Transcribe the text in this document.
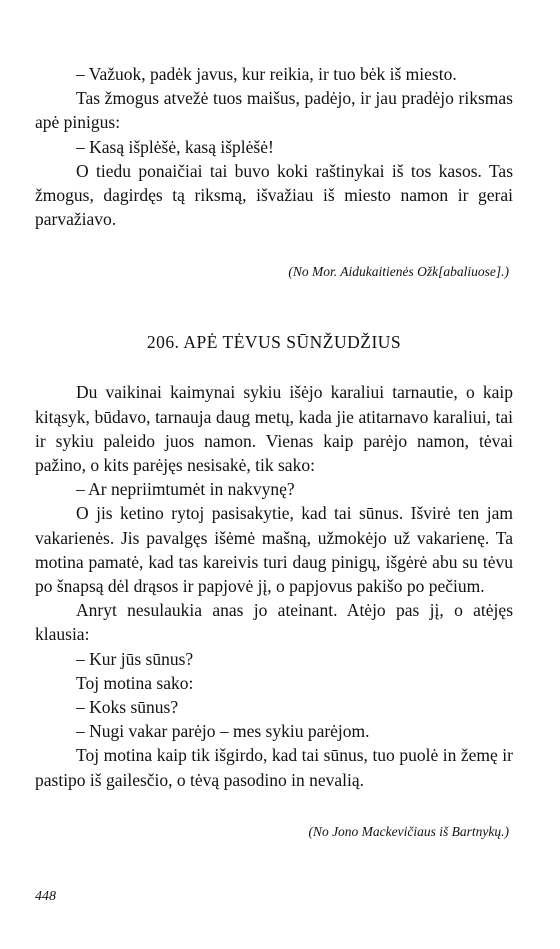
– Važuok, padėk javus, kur reikia, ir tuo bėk iš miesto.

Tas žmogus atvežė tuos maišus, padėjo, ir jau pradėjo riksmas apė pinigus:

– Kasą išplėšė, kasą išplėšė!

O tiedu ponaičiai tai buvo koki raštinykai iš tos kasos. Tas žmogus, dagirdęs tą riksmą, išvažiau iš miesto namon ir gerai parvažiavo.

(No Mor. Aidukaitienės Ožk[abaliuose].)

206. APĖ TĖVUS SŪNŽUDŽIUS

Du vaikinai kaimynai sykiu išėjo karaliui tarnautie, o kaip kitąsyk, būdavo, tarnauja daug metų, kada jie atitarnavo karaliui, tai ir sykiu paleido juos namon. Vienas kaip parėjo namon, tėvai pažino, o kits parėjęs nesisakė, tik sako:

– Ar nepriimtumėt in nakvynę?

O jis ketino rytoj pasisakytie, kad tai sūnus. Išvirė ten jam vakarienės. Jis pavalgęs išėmė mašną, užmokėjo už vakarienę. Ta motina pamatė, kad tas kareivis turi daug pinigų, išgėrė abu su tėvu po šnapsą dėl drąsos ir papjovė jį, o papjovus pakišo po pečium.

Anryt nesulaukia anas jo ateinant. Atėjo pas jį, o atėjęs klausia:

– Kur jūs sūnus?

Toj motina sako:

– Koks sūnus?

– Nugi vakar parėjo – mes sykiu parėjom.

Toj motina kaip tik išgirdo, kad tai sūnus, tuo puolė in žemę ir pastipo iš gailesčio, o tėvą pasodino in nevalią.

(No Jono Mackevičiaus iš Bartnykų.)

448
